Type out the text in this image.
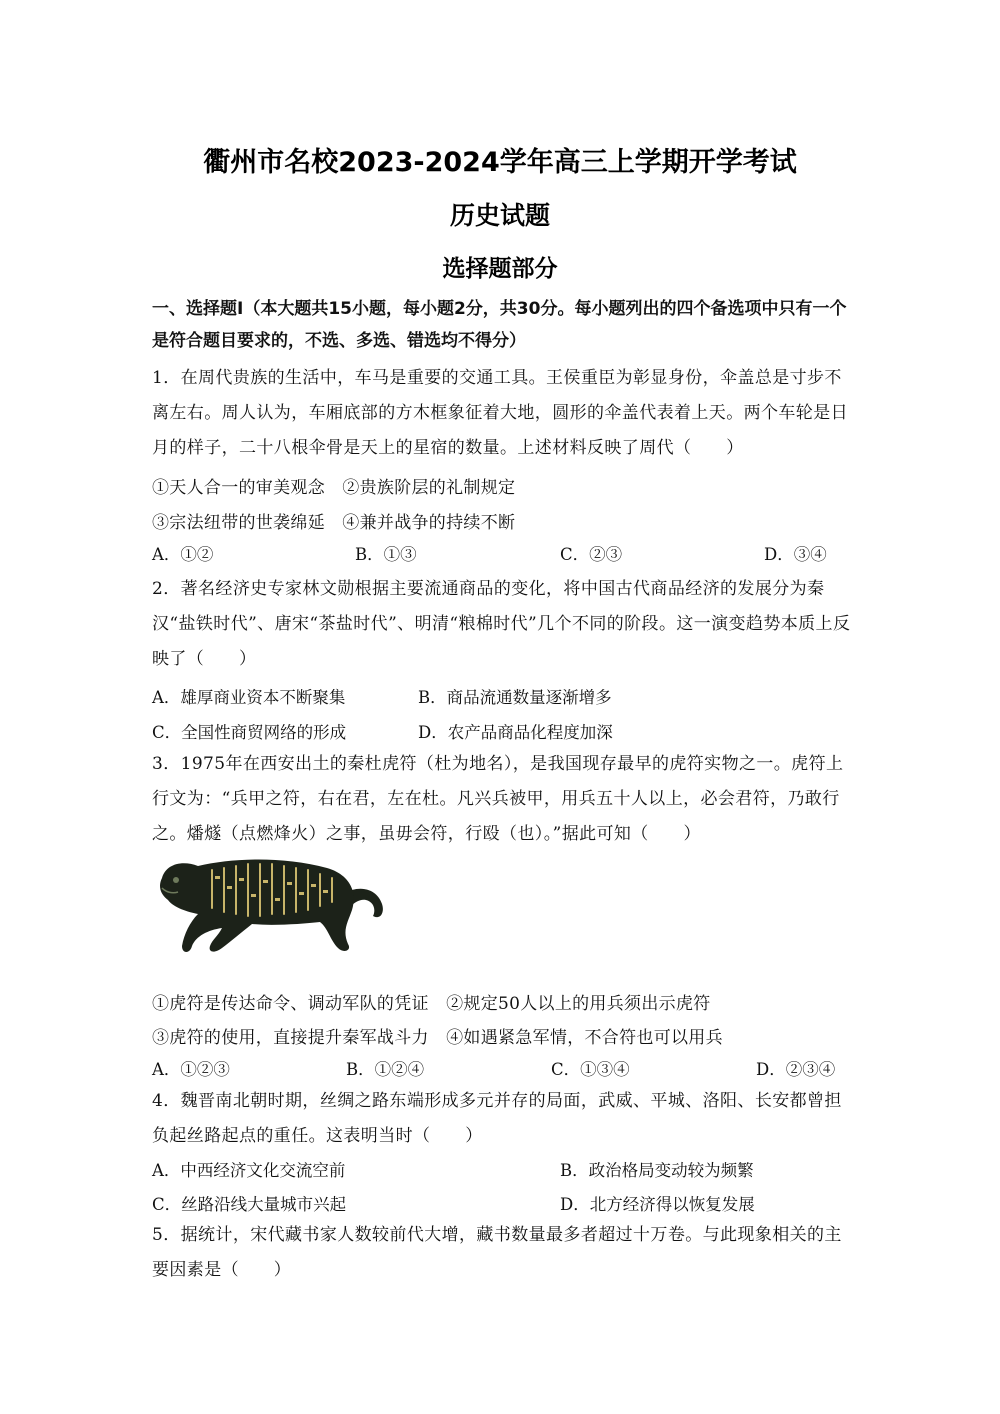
衢州市名校2023-2024学年高三上学期开学考试
历史试题
选择题部分
一、选择题Ⅰ（本大题共15小题，每小题2分，共30分。每小题列出的四个备选项中只有一个是符合题目要求的，不选、多选、错选均不得分）
1．在周代贵族的生活中，车马是重要的交通工具。王侯重臣为彰显身份，伞盖总是寸步不离左右。周人认为，车厢底部的方木框象征着大地，圆形的伞盖代表着上天。两个车轮是日月的样子，二十八根伞骨是天上的星宿的数量。上述材料反映了周代（　　）
①天人合一的审美观念　②贵族阶层的礼制规定
③宗法纽带的世袭绵延　④兼并战争的持续不断
A．①②	B．①③	C．②③	D．③④
2．著名经济史专家林文勋根据主要流通商品的变化，将中国古代商品经济的发展分为秦汉“盐铁时代”、唐宋“茶盐时代”、明清“粮棉时代”几个不同的阶段。这一演变趋势本质上反映了（　　）
A．雄厚商业资本不断聚集	B．商品流通数量逐渐增多
C．全国性商贸网络的形成	D．农产品商品化程度加深
3．1975年在西安出土的秦杜虎符（杜为地名），是我国现存最早的虎符实物之一。虎符上行文为：“兵甲之符，右在君，左在杜。凡兴兵被甲，用兵五十人以上，必会君符，乃敢行之。燔燧（点燃烽火）之事，虽毋会符，行殴（也）。”据此可知（　　）
①虎符是传达命令、调动军队的凭证　②规定50人以上的用兵须出示虎符
③虎符的使用，直接提升秦军战斗力　④如遇紧急军情，不合符也可以用兵
A．①②③	B．①②④	C．①③④	D．②③④
4．魏晋南北朝时期，丝绸之路东端形成多元并存的局面，武威、平城、洛阳、长安都曾担负起丝路起点的重任。这表明当时（　　）
A．中西经济文化交流空前	B．政治格局变动较为频繁
C．丝路沿线大量城市兴起	D．北方经济得以恢复发展
5．据统计，宋代藏书家人数较前代大增，藏书数量最多者超过十万卷。与此现象相关的主要因素是（　　）
